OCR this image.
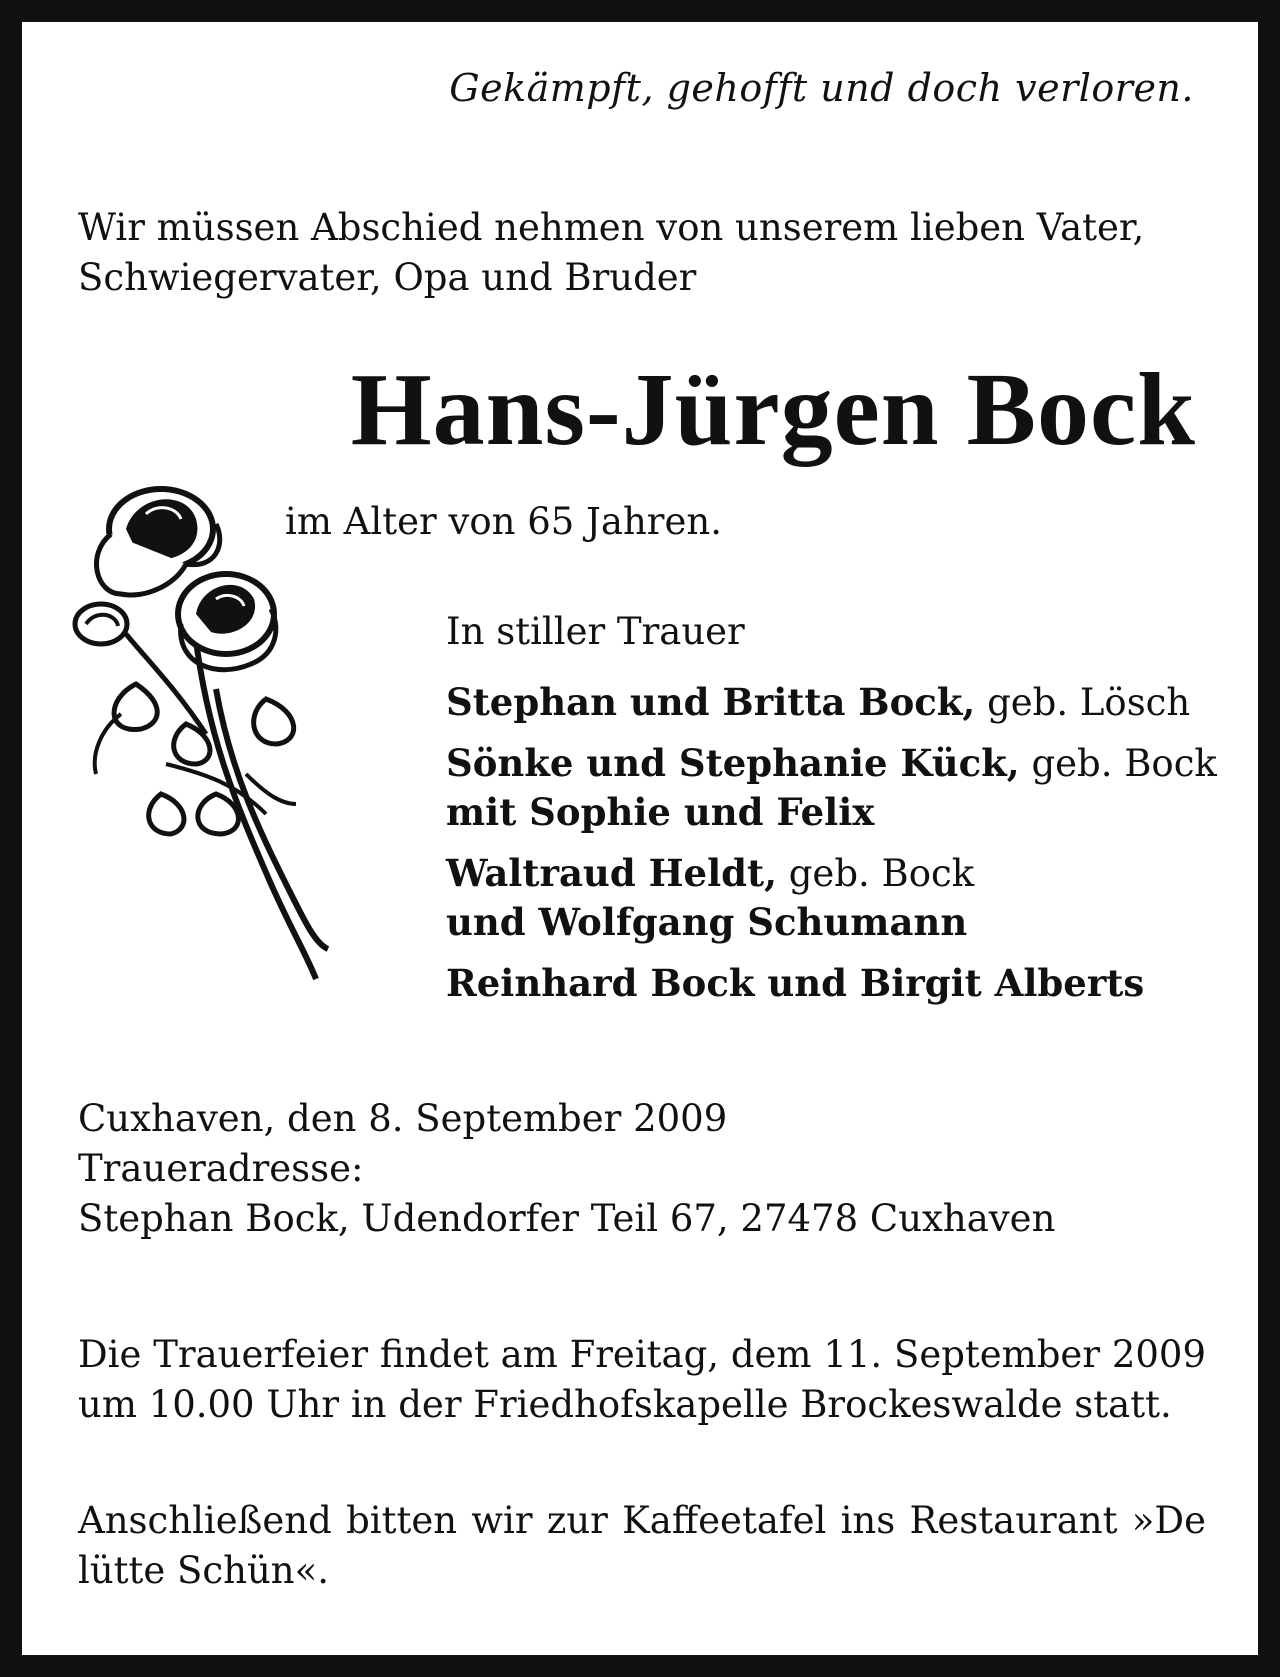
Gekämpft, gehofft und doch verloren.
Wir müssen Abschied nehmen von unserem lieben Vater,
Schwiegervater, Opa und Bruder
Hans-Jürgen Bock
im Alter von 65 Jahren.
In stiller Trauer
Stephan und Britta Bock, geb. Lösch
Sönke und Stephanie Kück, geb. Bock
mit Sophie und Felix
Waltraud Heldt, geb. Bock
und Wolfgang Schumann
Reinhard Bock und Birgit Alberts
Cuxhaven, den 8. September 2009
Traueradresse:
Stephan Bock, Udendorfer Teil 67, 27478 Cuxhaven
Die Trauerfeier findet am Freitag, dem 11. September 2009 um 10.00 Uhr in der Friedhofskapelle Brockeswalde statt.
Anschließend bitten wir zur Kaffeetafel ins Restaurant »De lütte Schün«.
